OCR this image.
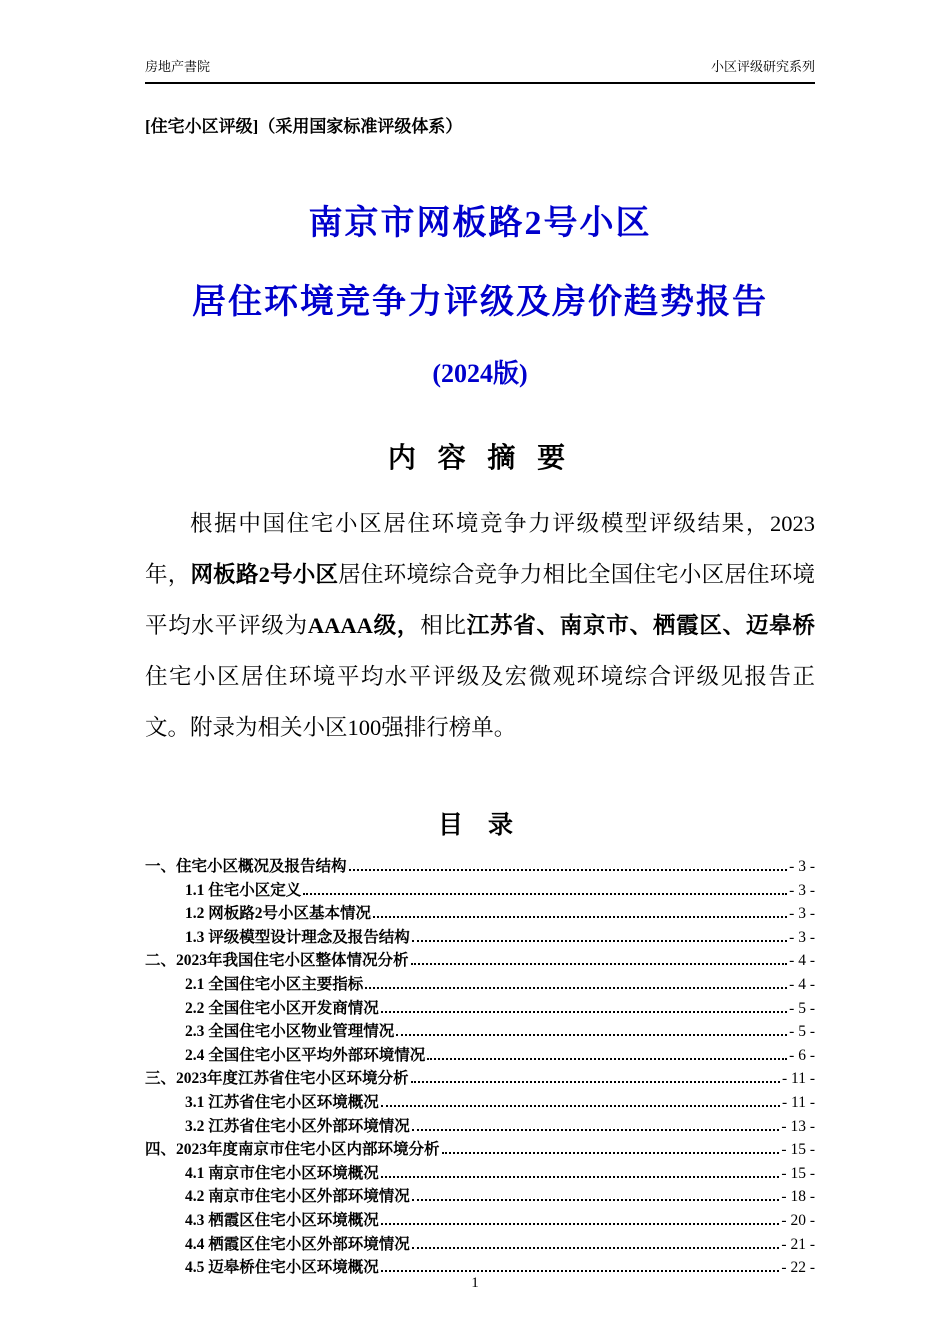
房地产書院	小区评级研究系列
[住宅小区评级]（采用国家标准评级体系）
南京市网板路2号小区
居住环境竞争力评级及房价趋势报告
(2024版)
内 容 摘 要
根据中国住宅小区居住环境竞争力评级模型评级结果，2023年，网板路2号小区居住环境综合竞争力相比全国住宅小区居住环境平均水平评级为AAAA级，相比江苏省、南京市、栖霞区、迈皋桥住宅小区居住环境平均水平评级及宏微观环境综合评级见报告正文。附录为相关小区100强排行榜单。
目 录
一、住宅小区概况及报告结构	- 3 -
1.1 住宅小区定义	- 3 -
1.2 网板路2号小区基本情况	- 3 -
1.3 评级模型设计理念及报告结构	- 3 -
二、2023年我国住宅小区整体情况分析	- 4 -
2.1 全国住宅小区主要指标	- 4 -
2.2 全国住宅小区开发商情况	- 5 -
2.3 全国住宅小区物业管理情况	- 5 -
2.4 全国住宅小区平均外部环境情况	- 6 -
三、2023年度江苏省住宅小区环境分析	- 11 -
3.1 江苏省住宅小区环境概况	- 11 -
3.2 江苏省住宅小区外部环境情况	- 13 -
四、2023年度南京市住宅小区内部环境分析	- 15 -
4.1 南京市住宅小区环境概况	- 15 -
4.2 南京市住宅小区外部环境情况	- 18 -
4.3 栖霞区住宅小区环境概况	- 20 -
4.4 栖霞区住宅小区外部环境情况	- 21 -
4.5 迈皋桥住宅小区环境概况	- 22 -
1
